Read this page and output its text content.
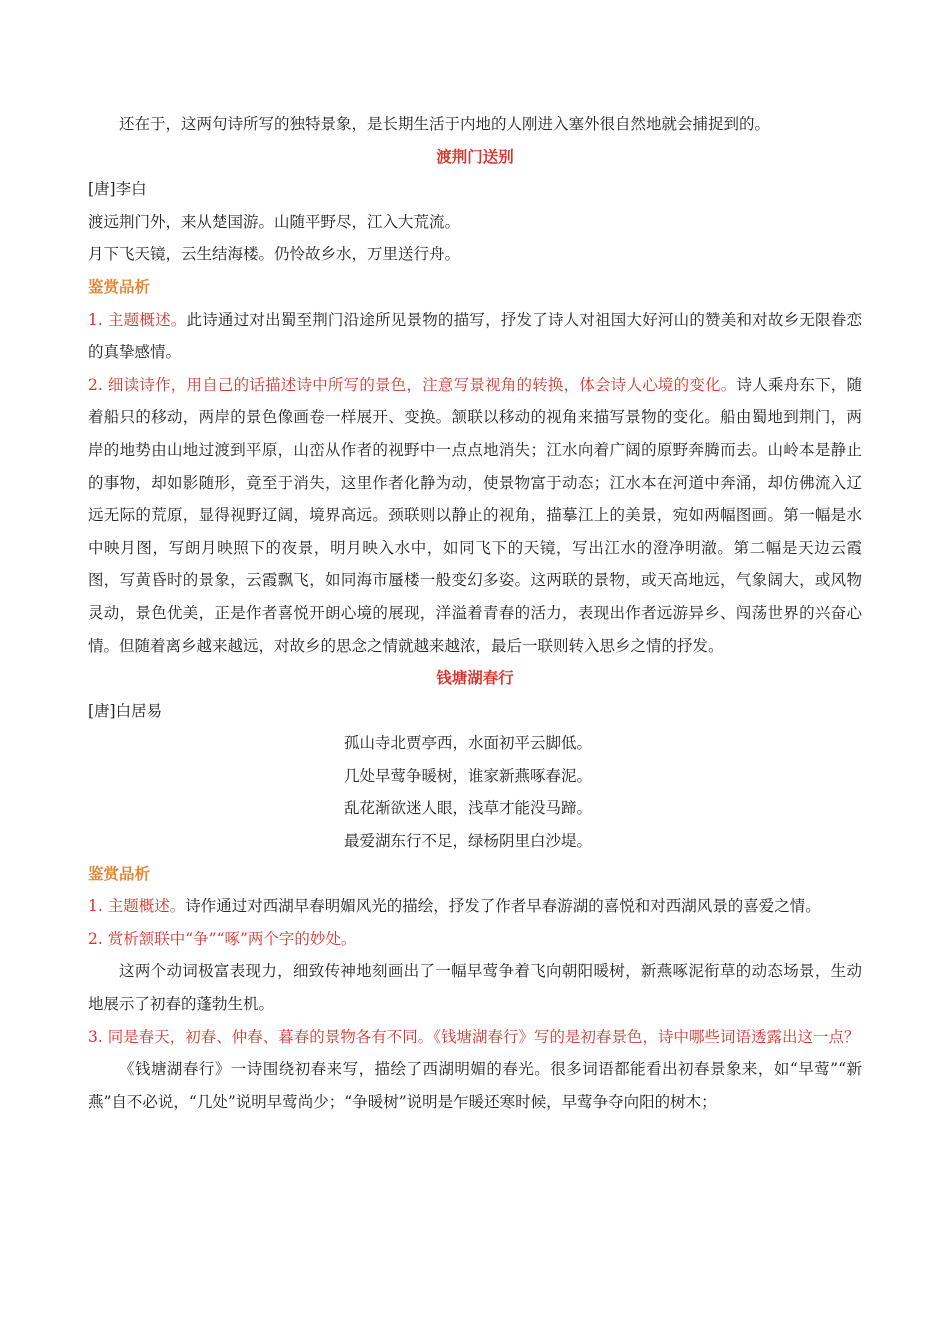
还在于，这两句诗所写的独特景象，是长期生活于内地的人刚进入塞外很自然地就会捕捉到的。

渡荆门送别
[唐]李白
渡远荆门外，来从楚国游。山随平野尽，江入大荒流。
月下飞天镜，云生结海楼。仍怜故乡水，万里送行舟。
鉴赏品析

1. 主题概述。此诗通过对出蜀至荆门沿途所见景物的描写，抒发了诗人对祖国大好河山的赞美和对故乡无限眷恋的真挚感情。

2. 细读诗作，用自己的话描述诗中所写的景色，注意写景视角的转换，体会诗人心境的变化。诗人乘舟东下，随着船只的移动，两岸的景色像画卷一样展开、变换。颔联以移动的视角来描写景物的变化。船由蜀地到荆门，两岸的地势由山地过渡到平原，山峦从作者的视野中一点点地消失；江水向着广阔的原野奔腾而去。山岭本是静止的事物，却如影随形，竟至于消失，这里作者化静为动，使景物富于动态；江水本在河道中奔涌，却仿佛流入辽远无际的荒原，显得视野辽阔，境界高远。颈联则以静止的视角，描摹江上的美景，宛如两幅图画。第一幅是水中映月图，写朗月映照下的夜景，明月映入水中，如同飞下的天镜，写出江水的澄净明澈。第二幅是天边云霞图，写黄昏时的景象，云霞飘飞，如同海市蜃楼一般变幻多姿。这两联的景物，或天高地远，气象阔大，或风物灵动，景色优美，正是作者喜悦开朗心境的展现，洋溢着青春的活力，表现出作者远游异乡、闯荡世界的兴奋心情。但随着离乡越来越远，对故乡的思念之情就越来越浓，最后一联则转入思乡之情的抒发。

钱塘湖春行
[唐]白居易
孤山寺北贾亭西，水面初平云脚低。
几处早莺争暖树，谁家新燕啄春泥。
乱花渐欲迷人眼，浅草才能没马蹄。
最爱湖东行不足，绿杨阴里白沙堤。
鉴赏品析

1. 主题概述。诗作通过对西湖早春明媚风光的描绘，抒发了作者早春游湖的喜悦和对西湖风景的喜爱之情。

2. 赏析颔联中“争”“啄”两个字的妙处。

这两个动词极富表现力，细致传神地刻画出了一幅早莺争着飞向朝阳暖树，新燕啄泥衔草的动态场景，生动地展示了初春的蓬勃生机。

3. 同是春天，初春、仲春、暮春的景物各有不同。《钱塘湖春行》写的是初春景色，诗中哪些词语透露出这一点？

《钱塘湖春行》一诗围绕初春来写，描绘了西湖明媚的春光。很多词语都能看出初春景象来，如“早莺”“新燕”自不必说，“几处”说明早莺尚少；“争暖树”说明是乍暖还寒时候，早莺争夺向阳的树木；
